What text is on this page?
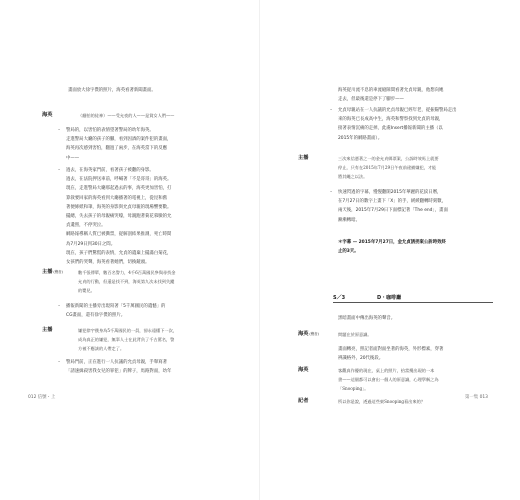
畫面放大徐字僕的照片，海英看著新聞畫面。
海英	（翻拍的徒神）——受允夜的人——是貸女人們——
– 警局的，以害怕的表情望著警局的幼年海英。
走進警局大廳的孩子的腳，看到因酒的案件犯的畫面，
海英再次感到害怕，翻過了兩步，在海英當下的反應
中——
– 過去，在海英家門前，看著孩子被翻的身影。
過去，在法院押送車前，呼喊著「不是哥哥」的海英。
現在，走進警局大廳那起過去的事，海英更加害怕，打
算敘要回家的海英看到大廳播著的電視上，從昆和舊
著便條紙和筆，海英的身影與允貞母親的現場響要數。
擺總，失去孩子的母親痛哭嚎，母親跑著菊花慕臉的允
貞遺照，不停哭泣。
網路報導稱人質已被撕票，從解剖結果推測，死亡時間
為7月29日到30日之間。
現在，孩子們驚慌的表情，允貞的遺棄上擺滿白菊花，
女孩們的哭聲，海英看著她們，切換鏡頭。
主播(聲音)	數千張傳單，數百名警力，4千6百萬國民參與尋找金
允貞的行動，但還是找不到，海英第九次未找到失蹤
的嬰兒。
– 播報新聞的主播旁出現寫著「5千萬國民的遺憾」的
CG畫面，還有徐字僕的照片。
主播	嫌犯徐宇僕身為5千萬國民的一員，卻永遠懂下一次，
成為真正的嫌犯，無辜人士在此背負了千古罵名，警
方被不應該的人帶走了。
– 警局門前，正在進行一人抗議的允貞母親，手舉寫著
「請速緝殺害我女兒的罪犯」的牌子，馬路對面，幼年
012 信號・上
海英從川流不息的車流縫隙間看著允貞母親，他想向她
走去，但最後還是停下了腳步——
– 允貞母親站在一人抗議的允貞母親已經年老，從振陽警局走出
來的海英已長成高中生，海英和警察找到允貞的母親，
接著表情沉痛的走掉，此處Insert播報新聞的主播（以
2015年的網路畫面）。
主播	三次來信憑著之一的金允貞綁票案，公訴時效馬上就要
停止，只有在2015年7月29日午夜前逮捕嫌犯，才能
將其繩之以法。
– 快速閃過的字幕，慢慢翻開2015年華麗的花紋日曆，
在7月27日的數字上畫下「X」的手，緩緩翻轉時刻數，
兩天後，2015年7月29日下面標記著「The end」，畫面
漸漸轉暗。
＊字幕 — 2015年7月27日，金允貞誘拐案公訴時效終
止的3天。
S／3	D・咖啡廳
黑暗畫面中傳出海英的聲音。
海英(聲音)	問題在於原意識。
畫面轉亮，照記者面對面坐著的海英，外形標素，穿著
辨識格外，20代後段。
海英	客觀真作優的現在，桌上的照片，拾當攪出現的一本
書——這個都可以會出一個人的原意識，心理學稱之為
「Snooping」。
記者	所以你是說，透過這些東Snooping看出來的？
第一集 013
